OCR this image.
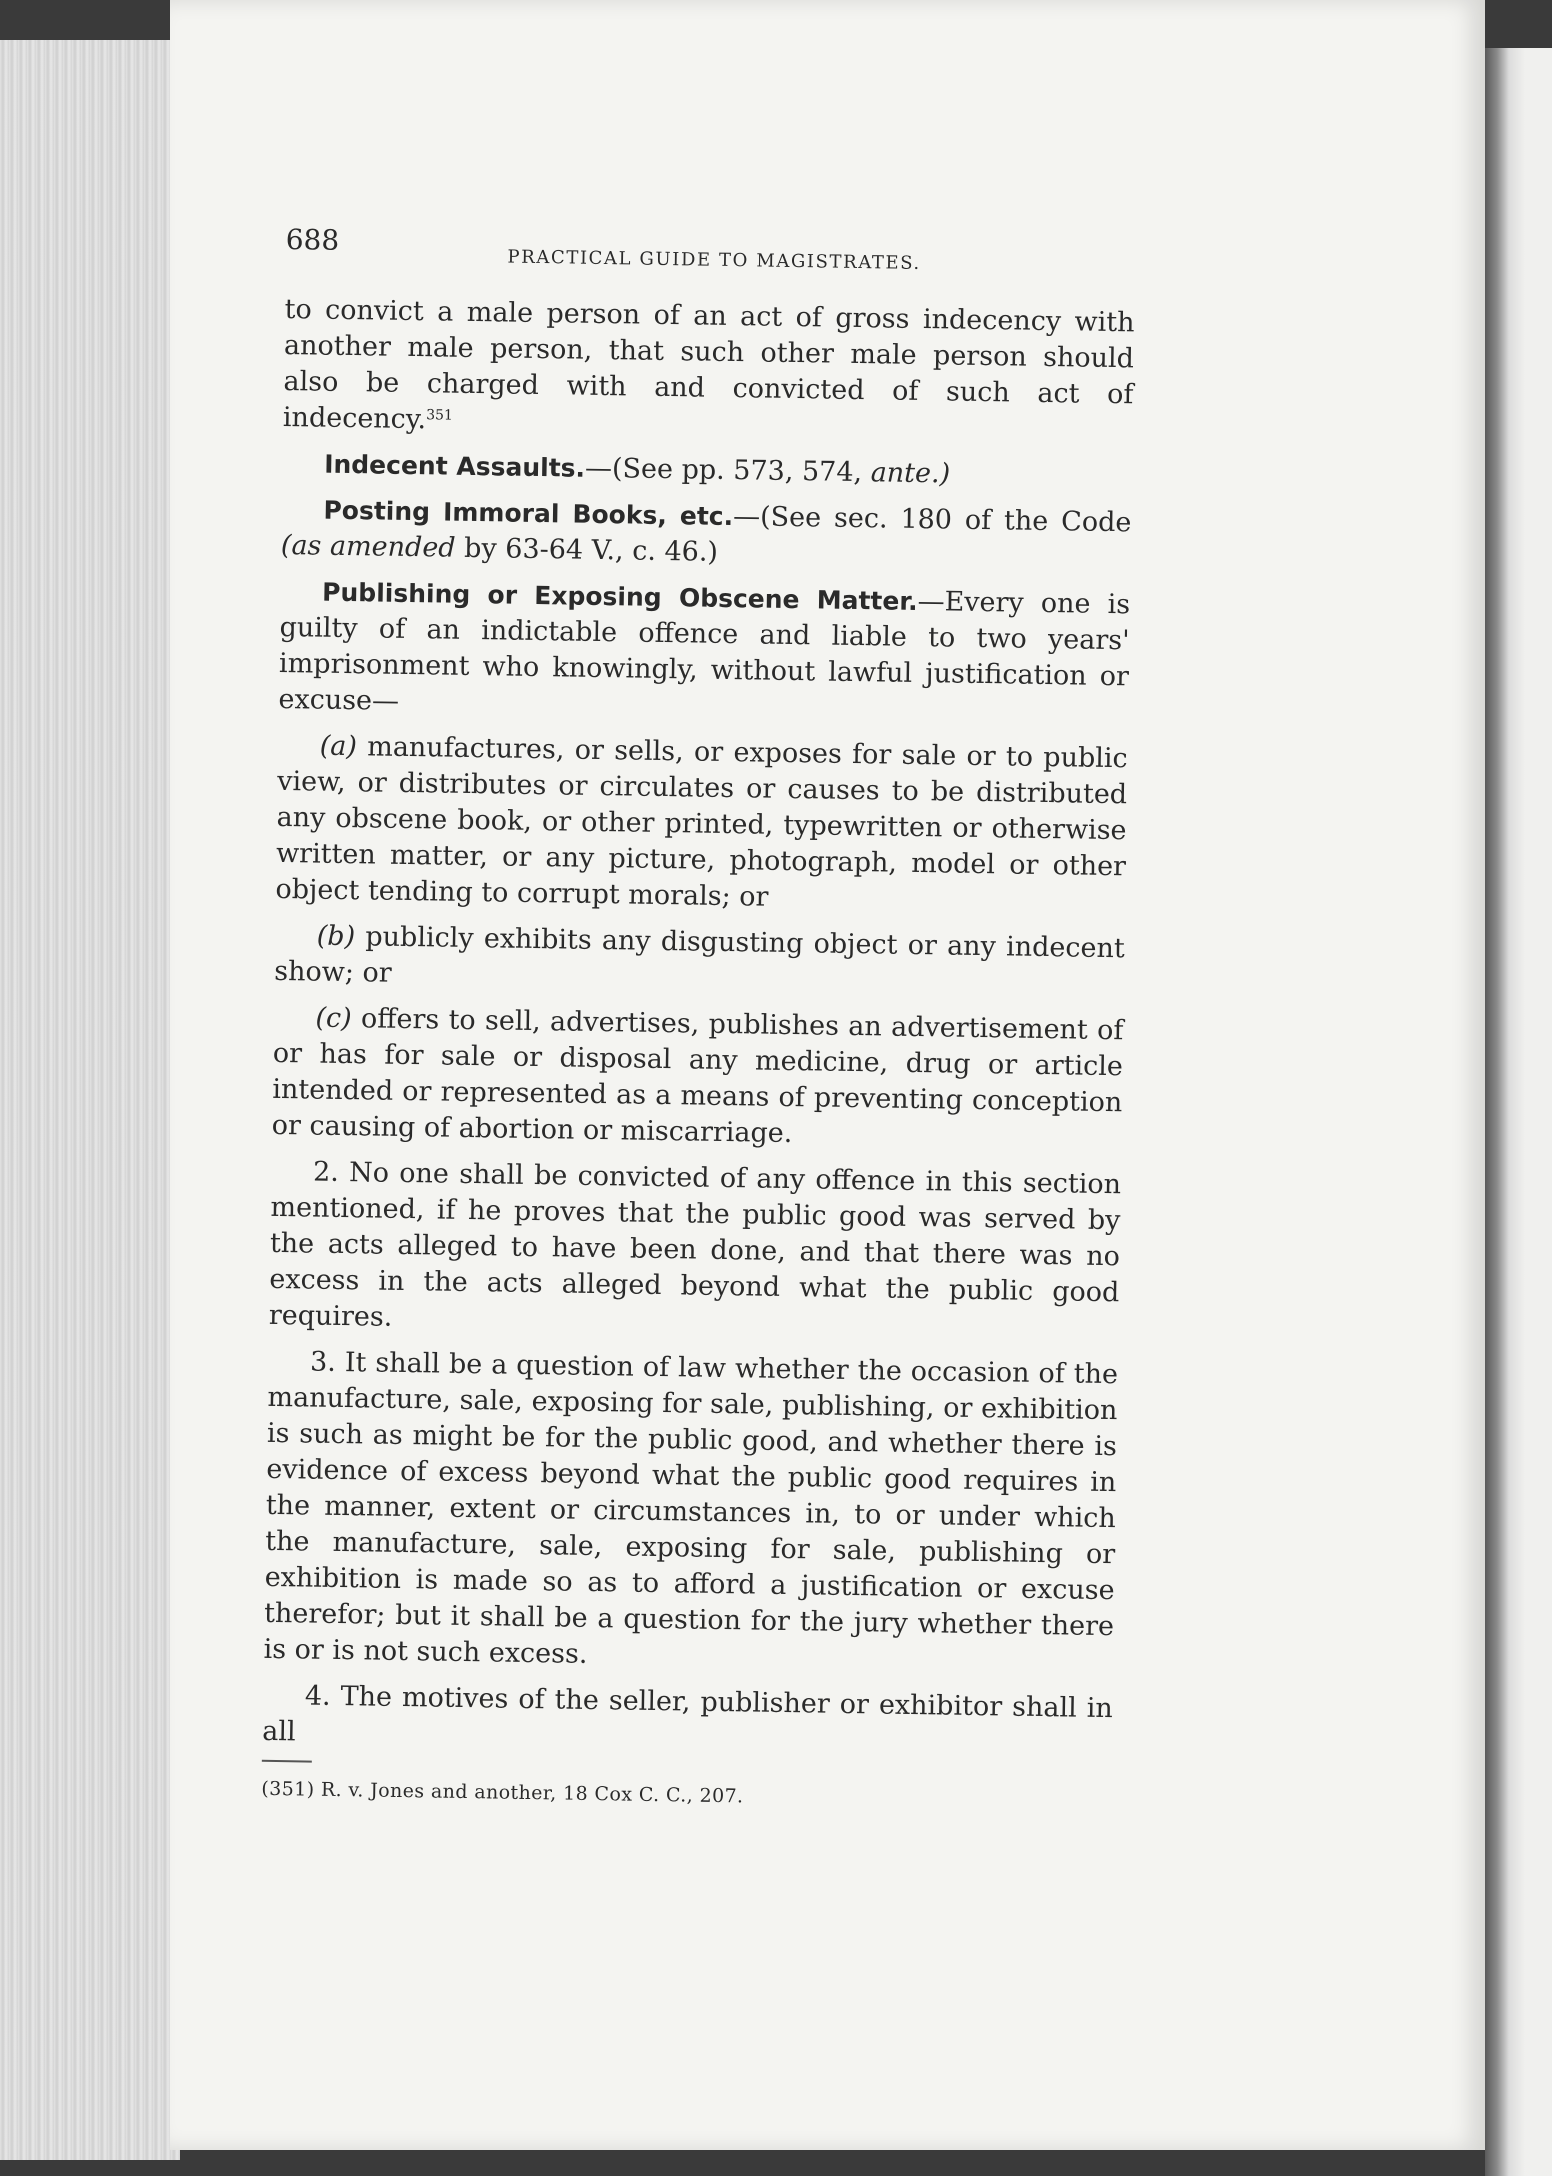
688
PRACTICAL GUIDE TO MAGISTRATES.

to convict a male person of an act of gross indecency with another male person, that such other male person should also be charged with and convicted of such act of indecency.$^{351}$

Indecent Assaults.—(See pp. 573, 574, ante.)

Posting Immoral Books, etc.—(See sec. 180 of the Code (as amended by 63-64 V., c. 46.)

Publishing or Exposing Obscene Matter.—Every one is guilty of an indictable offence and liable to two years' imprisonment who knowingly, without lawful justification or excuse—

(a) manufactures, or sells, or exposes for sale or to public view, or distributes or circulates or causes to be distributed any obscene book, or other printed, typewritten or otherwise written matter, or any picture, photograph, model or other object tending to corrupt morals; or

(b) publicly exhibits any disgusting object or any indecent show; or

(c) offers to sell, advertises, publishes an advertisement of or has for sale or disposal any medicine, drug or article intended or represented as a means of preventing conception or causing of abortion or miscarriage.

2. No one shall be convicted of any offence in this section mentioned, if he proves that the public good was served by the acts alleged to have been done, and that there was no excess in the acts alleged beyond what the public good requires.

3. It shall be a question of law whether the occasion of the manufacture, sale, exposing for sale, publishing, or exhibition is such as might be for the public good, and whether there is evidence of excess beyond what the public good requires in the manner, extent or circumstances in, to or under which the manufacture, sale, exposing for sale, publishing or exhibition is made so as to afford a justification or excuse therefor; but it shall be a question for the jury whether there is or is not such excess.

4. The motives of the seller, publisher or exhibitor shall in all

(351) R. v. Jones and another, 18 Cox C. C., 207.
